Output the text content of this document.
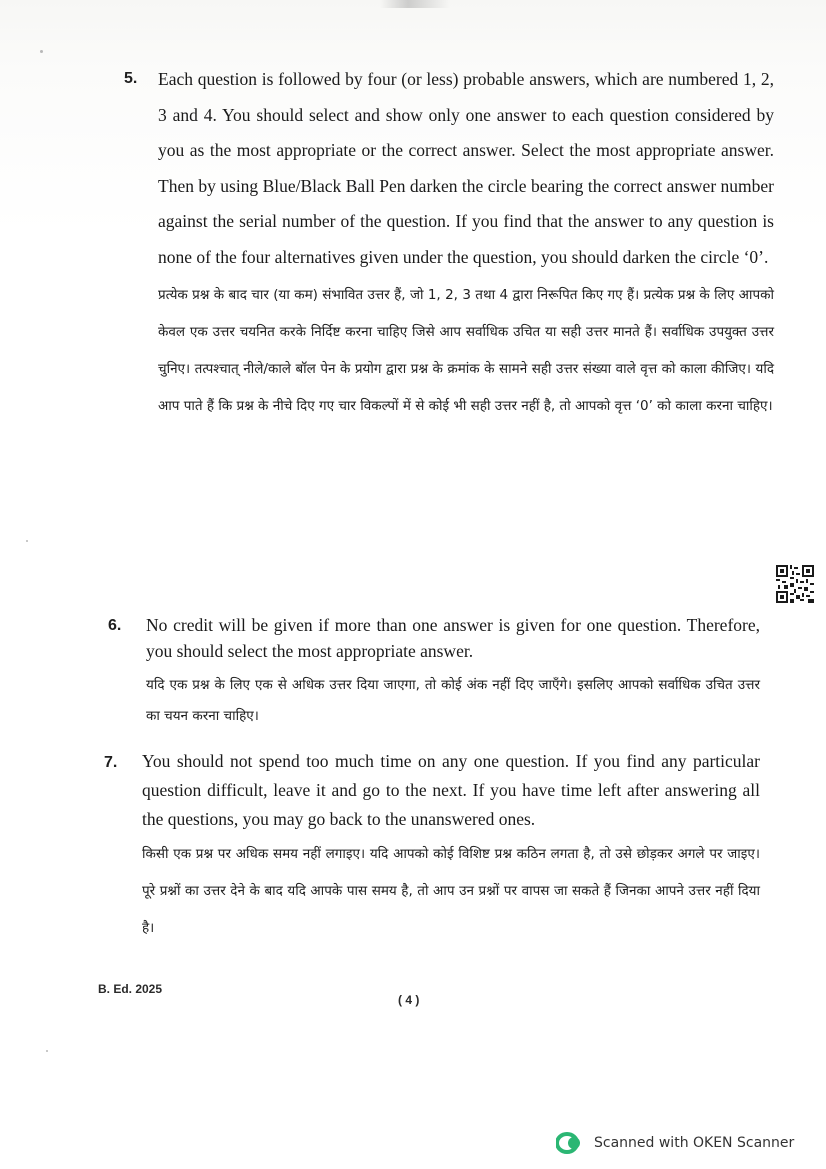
5. Each question is followed by four (or less) probable answers, which are numbered 1, 2, 3 and 4. You should select and show only one answer to each question considered by you as the most appropriate or the correct answer. Select the most appropriate answer. Then by using Blue/Black Ball Pen darken the circle bearing the correct answer number against the serial number of the question. If you find that the answer to any question is none of the four alternatives given under the question, you should darken the circle ‘0’.
प्रत्येक प्रश्न के बाद चार (या कम) संभावित उत्तर हैं, जो 1, 2, 3 तथा 4 द्वारा निरूपित किए गए हैं। प्रत्येक प्रश्न के लिए आपको केवल एक उत्तर चयनित करके निर्दिष्ट करना चाहिए जिसे आप सर्वाधिक उचित या सही उत्तर मानते हैं। सर्वाधिक उपयुक्त उत्तर चुनिए। तत्पश्चात् नीले/काले बॉल पेन के प्रयोग द्वारा प्रश्न के क्रमांक के सामने सही उत्तर संख्या वाले वृत्त को काला कीजिए। यदि आप पाते हैं कि प्रश्न के नीचे दिए गए चार विकल्पों में से कोई भी सही उत्तर नहीं है, तो आपको वृत्त ‘0’ को काला करना चाहिए।
6. No credit will be given if more than one answer is given for one question. Therefore, you should select the most appropriate answer.
यदि एक प्रश्न के लिए एक से अधिक उत्तर दिया जाएगा, तो कोई अंक नहीं दिए जाएँगे। इसलिए आपको सर्वाधिक उचित उत्तर का चयन करना चाहिए।
7. You should not spend too much time on any one question. If you find any particular question difficult, leave it and go to the next. If you have time left after answering all the questions, you may go back to the unanswered ones.
किसी एक प्रश्न पर अधिक समय नहीं लगाइए। यदि आपको कोई विशिष्ट प्रश्न कठिन लगता है, तो उसे छोड़कर अगले पर जाइए। पूरे प्रश्नों का उत्तर देने के बाद यदि आपके पास समय है, तो आप उन प्रश्नों पर वापस जा सकते हैं जिनका आपने उत्तर नहीं दिया है।
B. Ed. 2025
( 4 )
Scanned with OKEN Scanner
